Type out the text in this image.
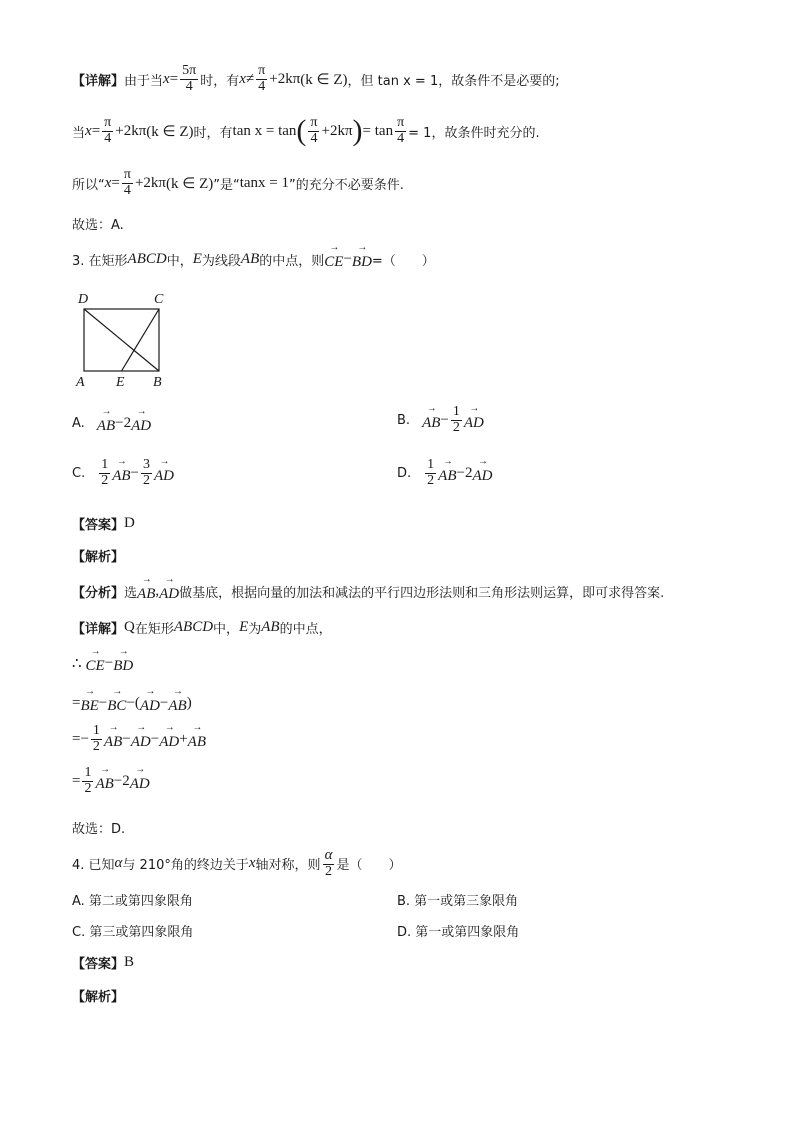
【详解】 由于当 $x = \frac{5\pi}{4}$ 时，有 $x \ne \frac{\pi}{4} +2k\pi$ (k ∈ Z) ，但 tan x = 1，故条件不是必要的;
当 $x = \frac{\pi}{4} +2k\pi$ (k ∈ Z) 时，有 tan x = tan ( $\frac{\pi}{4} +2k\pi$ ) = $\tan \frac{\pi}{4} = 1$，故条件时充分的.
所以“ $x = \frac{\pi}{4} +2k\pi$ (k ∈ Z) ”是“ tanx = 1 ”的充分不必要条件.
故选：A.
3. 在矩形 ABCD 中， E 为线段 AB 的中点，则 → CE − → BD =（　　）
D	C
A E B
A. → AB −2 → AD	B. → AB − $\frac{1}{2}$ → AD
C. $\frac{1}{2}$ → AB − $\frac{3}{2}$ → AD	D. $\frac{1}{2}$ → AB −2 → AD
【答案】 D
【解析】
【分析】 选 → AB , → AD 做基底，根据向量的加法和减法的平行四边形法则和三角形法则运算，即可求得答案.
【详解】 Q 在矩形 ABCD 中， E 为 AB 的中点，
∴ → CE − → BD
= → BE − → BC −( → AD − → AB )
=− $\frac{1}{2}$ → AB − → AD − → AD + → AB
= $\frac{1}{2}$ → AB −2 → AD
故选：D.
4. 已知 α 与 210°角的终边关于 x 轴对称，则 $\frac{\alpha}{2}$ 是（　　）
A. 第二或第四象限角	B. 第一或第三象限角
C. 第三或第四象限角	D. 第一或第四象限角
【答案】 B
【解析】
